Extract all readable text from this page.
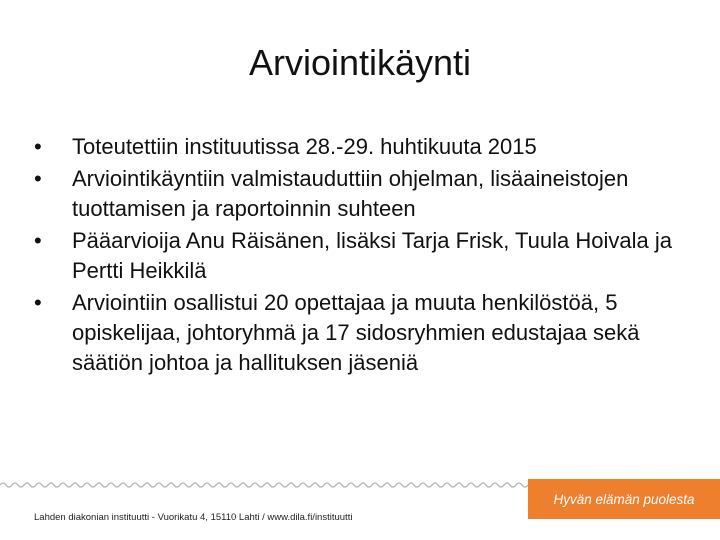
Arviointikäynti
•	Toteutettiin instituutissa 28.-29. huhtikuuta 2015
•	Arviointikäyntiin valmistauduttiin ohjelman, lisäaineistojen tuottamisen ja raportoinnin suhteen
•	Pääarvioija Anu Räisänen, lisäksi Tarja Frisk, Tuula Hoivala ja Pertti Heikkilä
•	Arviointiin osallistui 20 opettajaa ja muuta henkilöstöä, 5 opiskelijaa, johtoryhmä ja 17 sidosryhmien edustajaa sekä säätiön johtoa ja hallituksen jäseniä
Lahden diakonian instituutti - Vuorikatu 4, 15110 Lahti / www.dila.fi/instituutti
Hyvän elämän puolesta
